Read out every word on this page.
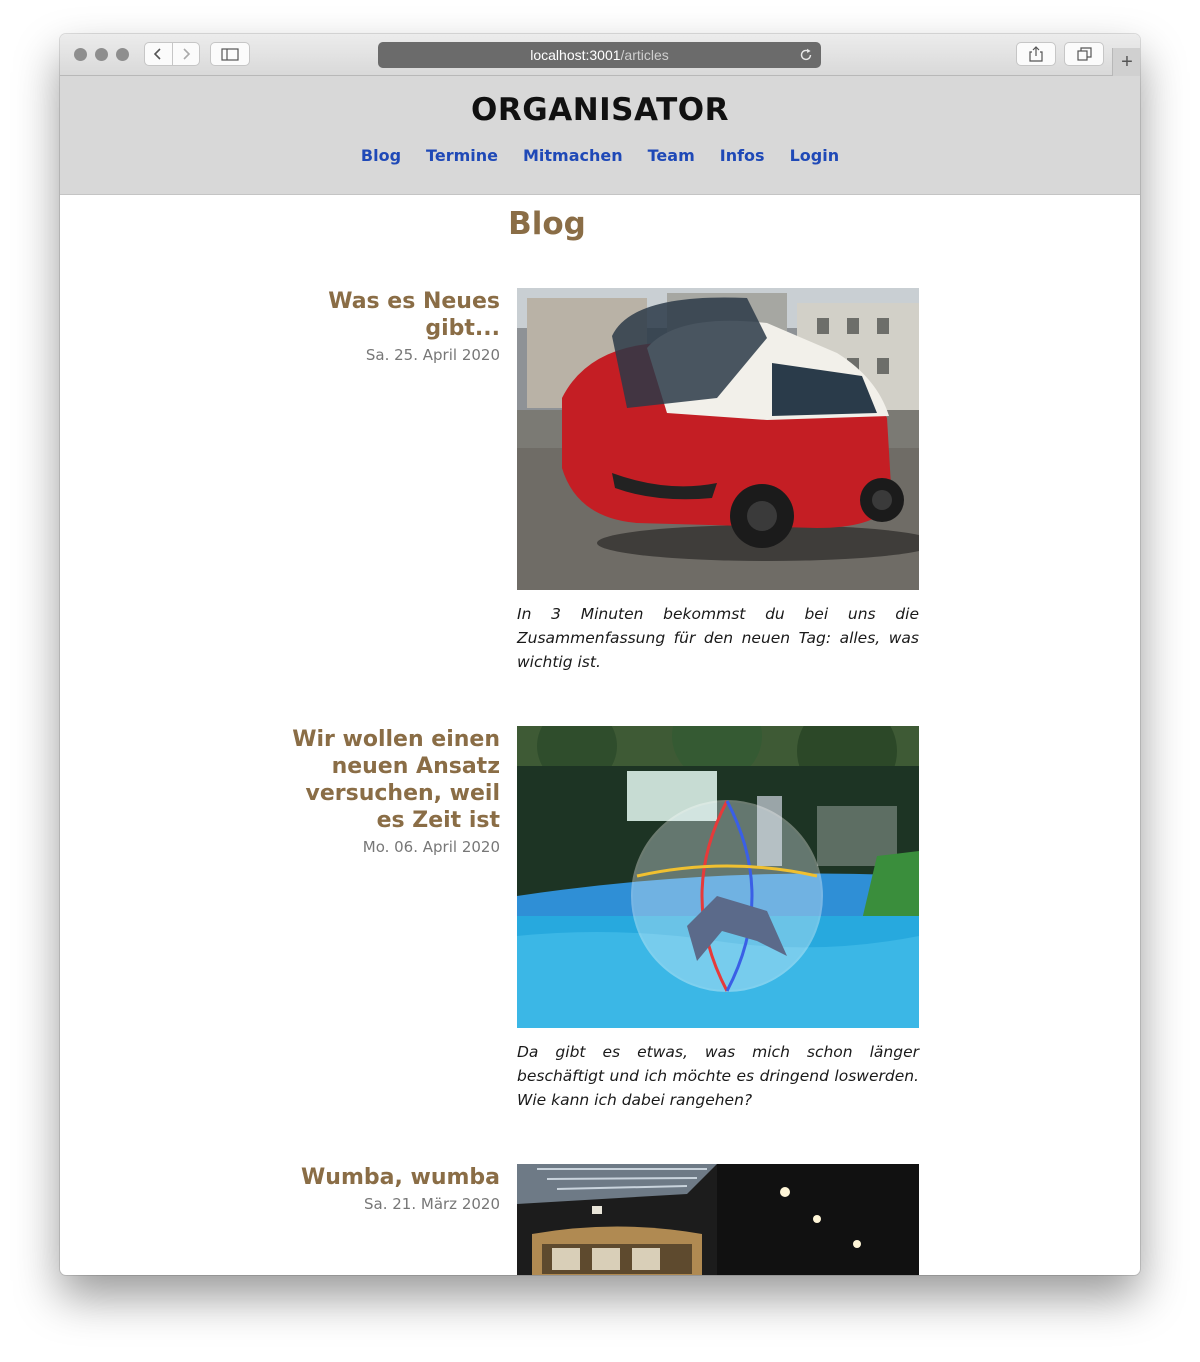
localhost:3001 /articles	+
ORGANISATOR
Blog Termine Mitmachen Team Infos Login
Blog
Was es Neues gibt...
Sa. 25. April 2020
In 3 Minuten bekommst du bei uns die Zusammenfassung für den neuen Tag: alles, was wichtig ist.
Wir wollen einen neuen Ansatz versuchen, weil es Zeit ist
Mo. 06. April 2020
Da gibt es etwas, was mich schon länger beschäftigt und ich möchte es dringend loswerden. Wie kann ich dabei rangehen?
Wumba, wumba
Sa. 21. März 2020
